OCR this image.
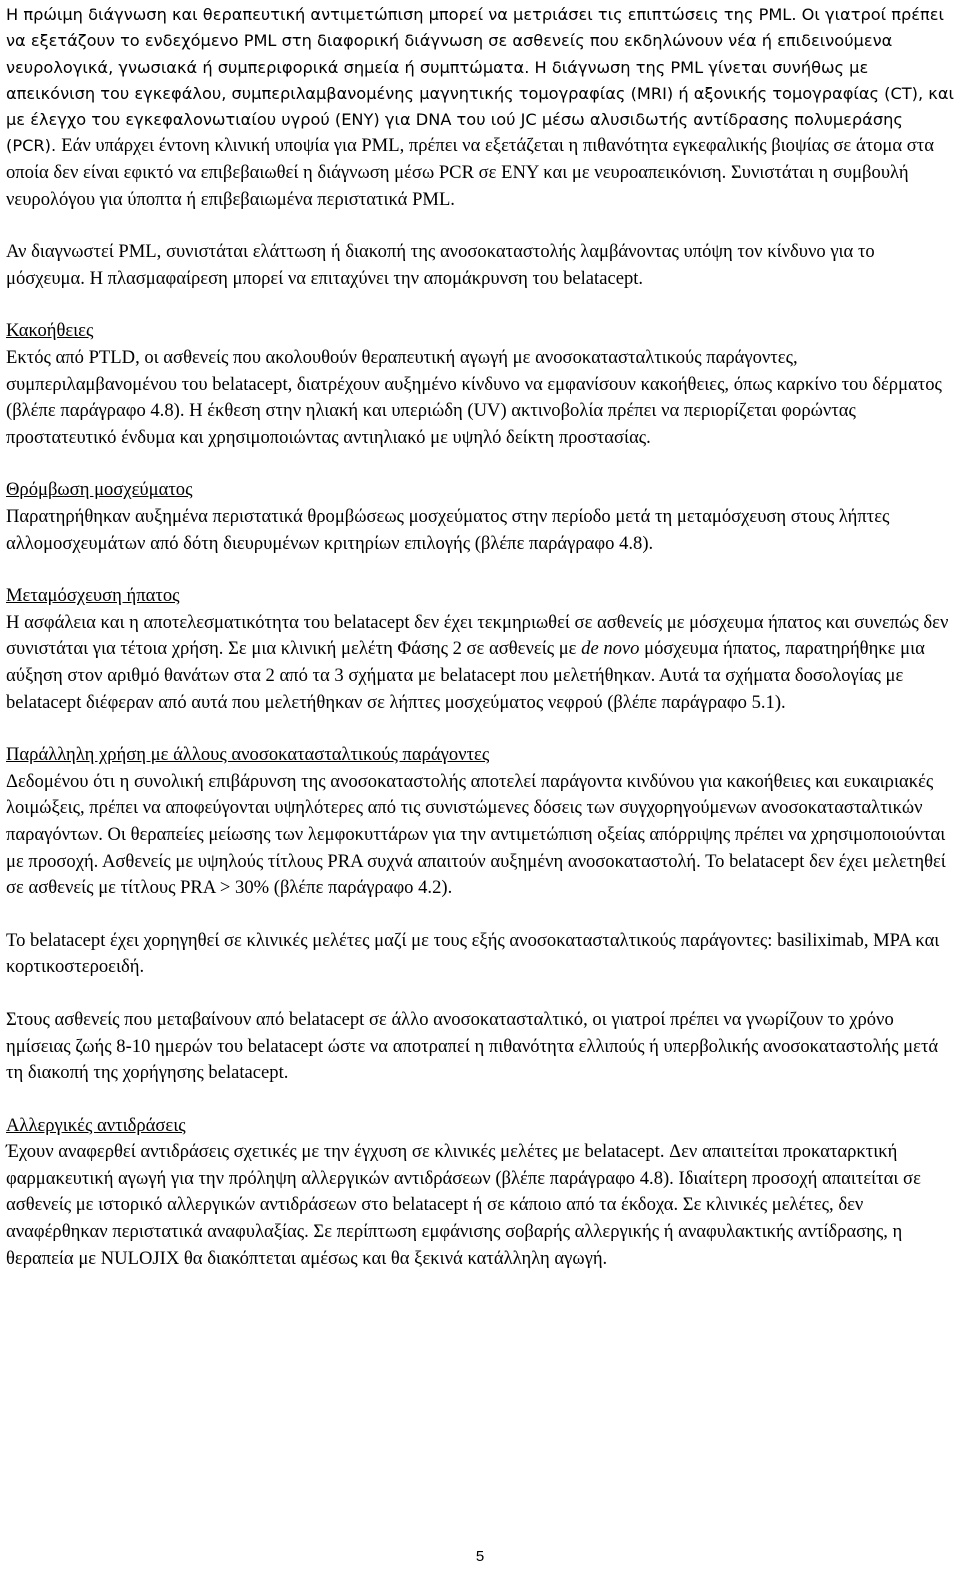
Η πρώιμη διάγνωση και θεραπευτική αντιμετώπιση μπορεί να μετριάσει τις επιπτώσεις της PML. Οι γιατροί πρέπει να εξετάζουν το ενδεχόμενο PML στη διαφορική διάγνωση σε ασθενείς που εκδηλώνουν νέα ή επιδεινούμενα νευρολογικά, γνωσιακά ή συμπεριφορικά σημεία ή συμπτώματα. Η διάγνωση της PML γίνεται συνήθως με απεικόνιση του εγκεφάλου, συμπεριλαμβανομένης μαγνητικής τομογραφίας (MRI) ή αξονικής τομογραφίας (CT), και με έλεγχο του εγκεφαλονωτιαίου υγρού (ΕΝΥ) για DNA του ιού JC μέσω αλυσιδωτής αντίδρασης πολυμεράσης (PCR). Εάν υπάρχει έντονη κλινική υποψία για PML, πρέπει να εξετάζεται η πιθανότητα εγκεφαλικής βιοψίας σε άτομα στα οποία δεν είναι εφικτό να επιβεβαιωθεί η διάγνωση μέσω PCR σε ΕΝΥ και με νευροαπεικόνιση. Συνιστάται η συμβουλή νευρολόγου για ύποπτα ή επιβεβαιωμένα περιστατικά PML.

Αν διαγνωστεί PML, συνιστάται ελάττωση ή διακοπή της ανοσοκαταστολής λαμβάνοντας υπόψη τον κίνδυνο για το μόσχευμα. Η πλασμαφαίρεση μπορεί να επιταχύνει την απομάκρυνση του belatacept.

Κακοήθειες

Εκτός από PTLD, οι ασθενείς που ακολουθούν θεραπευτική αγωγή με ανοσοκατασταλτικούς παράγοντες, συμπεριλαμβανομένου του belatacept, διατρέχουν αυξημένο κίνδυνο να εμφανίσουν κακοήθειες, όπως καρκίνο του δέρματος (βλέπε παράγραφο 4.8). Η έκθεση στην ηλιακή και υπεριώδη (UV) ακτινοβολία πρέπει να περιορίζεται φορώντας προστατευτικό ένδυμα και χρησιμοποιώντας αντιηλιακό με υψηλό δείκτη προστασίας.

Θρόμβωση μοσχεύματος

Παρατηρήθηκαν αυξημένα περιστατικά θρομβώσεως μοσχεύματος στην περίοδο μετά τη μεταμόσχευση στους λήπτες αλλομοσχευμάτων από δότη διευρυμένων κριτηρίων επιλογής (βλέπε παράγραφο 4.8).

Μεταμόσχευση ήπατος

Η ασφάλεια και η αποτελεσματικότητα του belatacept δεν έχει τεκμηριωθεί σε ασθενείς με μόσχευμα ήπατος και συνεπώς δεν συνιστάται για τέτοια χρήση. Σε μια κλινική μελέτη Φάσης 2 σε ασθενείς με de novo μόσχευμα ήπατος, παρατηρήθηκε μια αύξηση στον αριθμό θανάτων στα 2 από τα 3 σχήματα με belatacept που μελετήθηκαν. Αυτά τα σχήματα δοσολογίας με belatacept διέφεραν από αυτά που μελετήθηκαν σε λήπτες μοσχεύματος νεφρού (βλέπε παράγραφο 5.1).

Παράλληλη χρήση με άλλους ανοσοκατασταλτικούς παράγοντες

Δεδομένου ότι η συνολική επιβάρυνση της ανοσοκαταστολής αποτελεί παράγοντα κινδύνου για κακοήθειες και ευκαιριακές λοιμώξεις, πρέπει να αποφεύγονται υψηλότερες από τις συνιστώμενες δόσεις των συγχορηγούμενων ανοσοκατασταλτικών παραγόντων. Οι θεραπείες μείωσης των λεμφοκυττάρων για την αντιμετώπιση οξείας απόρριψης πρέπει να χρησιμοποιούνται με προσοχή. Ασθενείς με υψηλούς τίτλους PRA συχνά απαιτούν αυξημένη ανοσοκαταστολή. Το belatacept δεν έχει μελετηθεί σε ασθενείς με τίτλους PRA > 30% (βλέπε παράγραφο 4.2).

Το belatacept έχει χορηγηθεί σε κλινικές μελέτες μαζί με τους εξής ανοσοκατασταλτικούς παράγοντες: basiliximab, MPA και κορτικοστεροειδή.

Στους ασθενείς που μεταβαίνουν από belatacept σε άλλο ανοσοκατασταλτικό, οι γιατροί πρέπει να γνωρίζουν το χρόνο ημίσειας ζωής 8-10 ημερών του belatacept ώστε να αποτραπεί η πιθανότητα ελλιπούς ή υπερβολικής ανοσοκαταστολής μετά τη διακοπή της χορήγησης belatacept.

Αλλεργικές αντιδράσεις

Έχουν αναφερθεί αντιδράσεις σχετικές με την έγχυση σε κλινικές μελέτες με belatacept. Δεν απαιτείται προκαταρκτική φαρμακευτική αγωγή για την πρόληψη αλλεργικών αντιδράσεων (βλέπε παράγραφο 4.8). Ιδιαίτερη προσοχή απαιτείται σε ασθενείς με ιστορικό αλλεργικών αντιδράσεων στο belatacept ή σε κάποιο από τα έκδοχα. Σε κλινικές μελέτες, δεν αναφέρθηκαν περιστατικά αναφυλαξίας. Σε περίπτωση εμφάνισης σοβαρής αλλεργικής ή αναφυλακτικής αντίδρασης, η θεραπεία με NULOJIX θα διακόπτεται αμέσως και θα ξεκινά κατάλληλη αγωγή.

5
